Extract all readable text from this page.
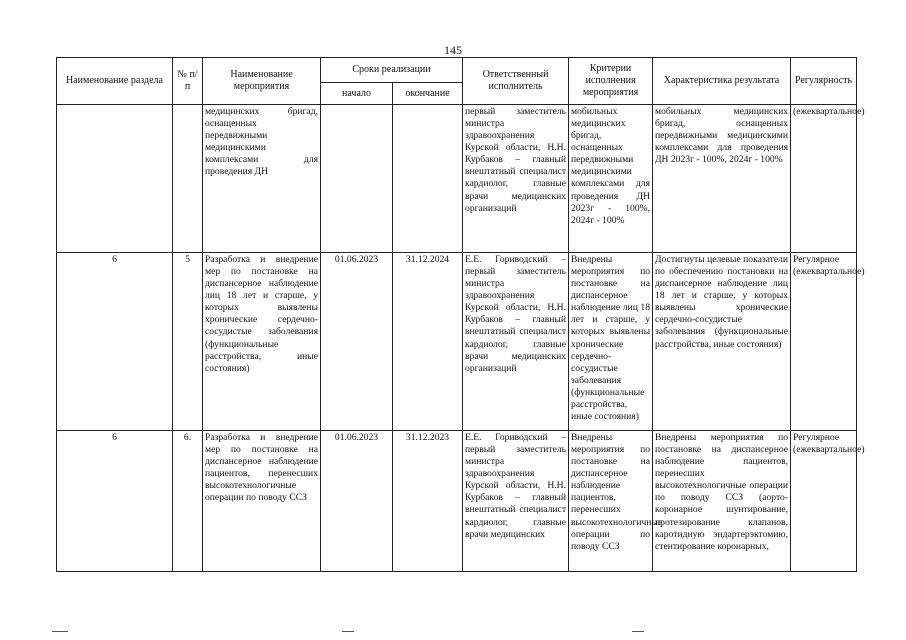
145
Наименование раздела	№ п/п	Наименование мероприятия	Сроки реализации		Ответственный исполнитель	Критерии исполнения мероприятия	Характеристика результата	Регулярность
			начало	окончание				
		медицинских бригад, оснащенных передвижными медицинскими комплексами для проведения ДН			первый заместитель министра здравоохранения Курской области, Н.Н. Курбаков – главный внештатный специалист кардиолог, главные врачи медицинских организаций	мобильных медицинских бригад, оснащенных передвижными медицинскими комплексами для проведения ДН 2023г - 100%, 2024г - 100%	мобильных медицинских бригад, оснащенных передвижными медицинскими комплексами для проведения ДН 2023г - 100%, 2024г - 100%	(ежеквартальное)
6	5	Разработка и внедрение мер по постановке на диспансерное наблюдение лиц 18 лет и старше, у которых выявлены хронические сердечно-сосудистые заболевания (функциональные расстройства, иные состояния)	01.06.2023	31.12.2024	Е.Е. Гориводский – первый заместитель министра здравоохранения Курской области, Н.Н. Курбаков – главный внештатный специалист кардиолог, главные врачи медицинских организаций	Внедрены мероприятия по постановке на диспансерное наблюдение лиц 18 лет и старше, у которых выявлены хронические сердечно-сосудистые заболевания (функциональные расстройства, иные состояния)	Достигнуты целевые показатели по обеспечению постановки на диспансерное наблюдение лиц 18 лет и старше, у которых выявлены хронические сердечно-сосудистые заболевания (функциональные расстройства, иные состояния)	Регулярное (ежеквартальное)
6	6.	Разработка и внедрение мер по постановке на диспансерное наблюдение пациентов, перенесших высокотехнологичные операции по поводу ССЗ	01.06.2023	31.12.2023	Е.Е. Гориводский – первый заместитель министра здравоохранения Курской области, Н.Н. Курбаков – главный внештатный специалист кардиолог, главные врачи медицинских	Внедрены мероприятия по постановке на диспансерное наблюдение пациентов, перенесших высокотехнологичные операции по поводу ССЗ	Внедрены мероприятия по постановке на диспансерное наблюдение пациентов, перенесших высокотехнологичные операции по поводу ССЗ (аорто-коронарное шунтирование, протезирование клапанов, каротидную эндартерэктомию, стентирование коронарных,	Регулярное (ежеквартальное)
